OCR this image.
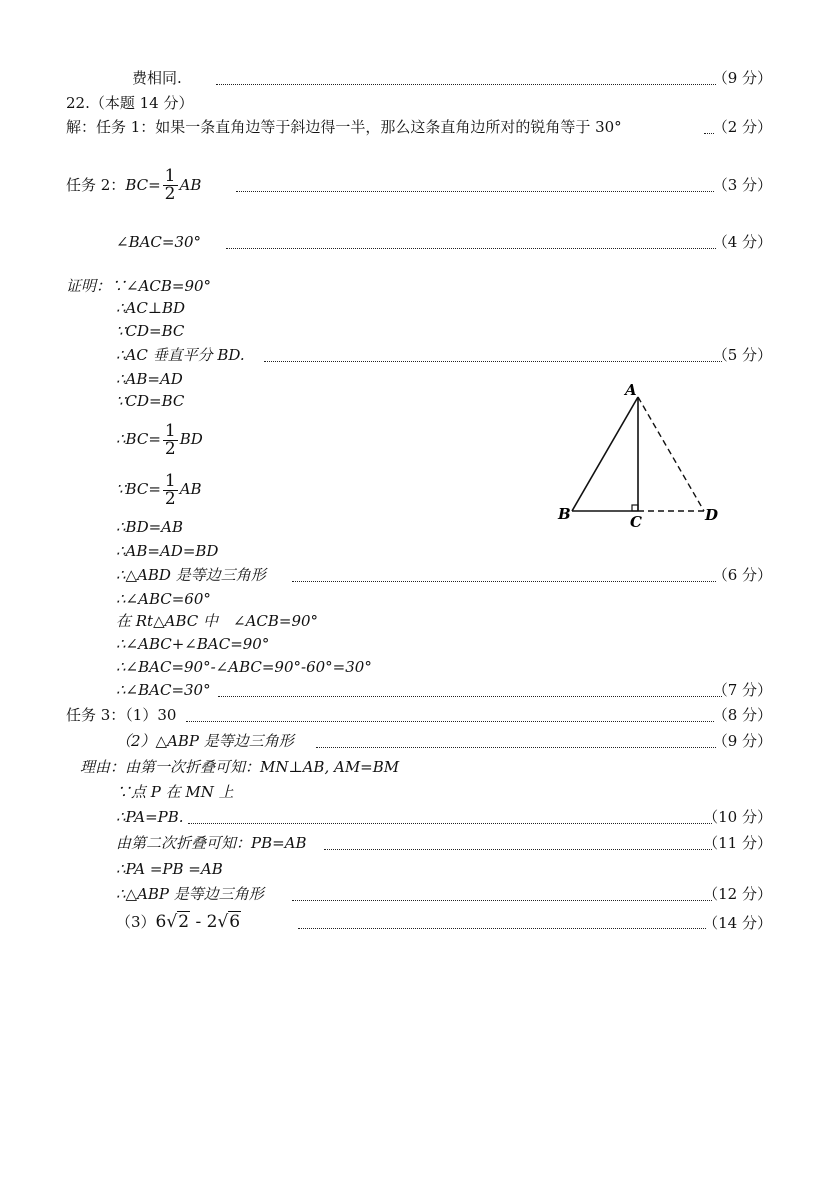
费相同.	（9 分）
22.（本题 14 分）
解：任务 1：如果一条直角边等于斜边得一半，那么这条直角边所对的锐角等于 30°	（2 分）
任务 2：$BC= \frac{1}{2}$ AB	（3 分）
∠BAC=30°	（4 分）
证明：∵∠ACB=90°
∴AC⊥BD
∵CD=BC
∴AC 垂直平分 BD.	（5 分）
∴AB=AD
∵CD=BC
∴BC= $\frac{1}{2}$ BD
∵BC= $\frac{1}{2}$ AB
∴BD=AB
∴AB=AD=BD
∴△ABD 是等边三角形	（6 分）
∴∠ABC=60°
在 Rt△ABC 中　∠ACB=90°
∴∠ABC+∠BAC=90°
∴∠BAC=90°-∠ABC=90°-60°=30°
∴∠BAC=30°	（7 分）
任务 3：（1）30	（8 分）
（2）△ABP 是等边三角形	（9 分）
理由：由第一次折叠可知：MN⊥AB, AM=BM
∵点 P 在 MN 上
∴PA=PB.	（10 分）
由第二次折叠可知：PB=AB	（11 分）
∴PA =PB =AB
∴△ABP 是等边三角形	（12 分）
（3）6√2 - 2√6	（14 分）
A
B	C	D
